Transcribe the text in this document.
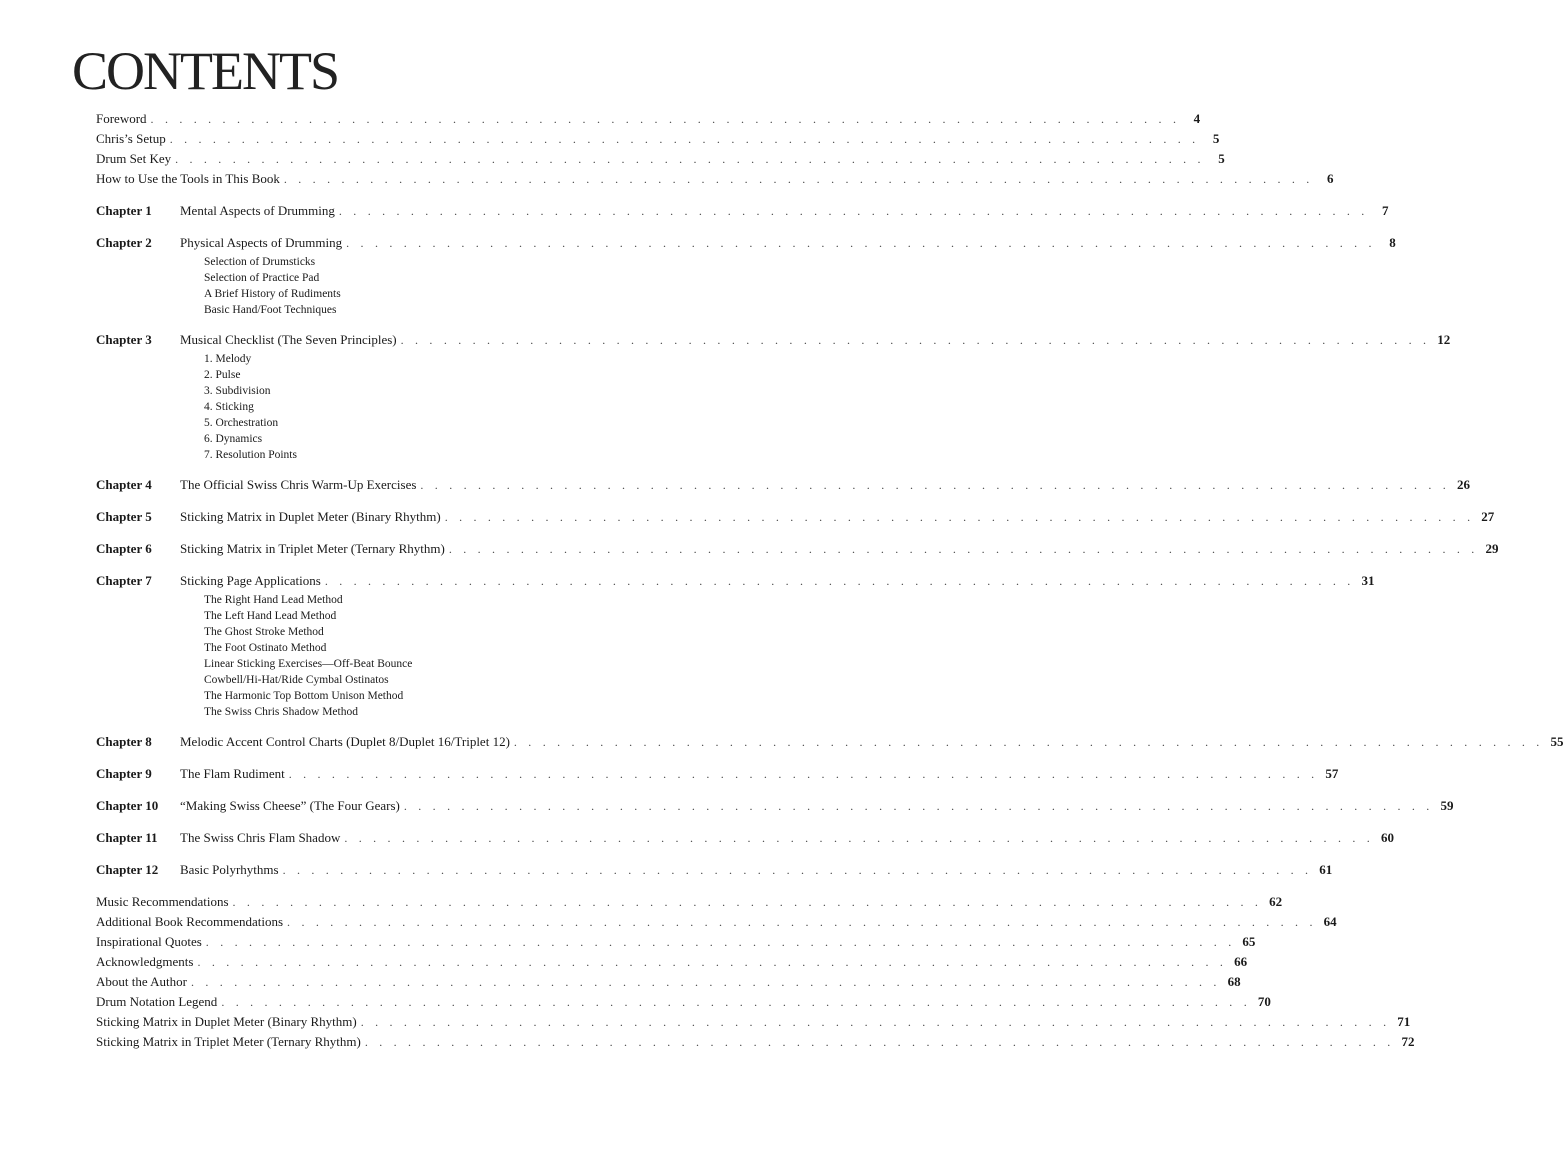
CONTENTS
Foreword . . . . . . . . . . . . . . . . . . . . . . . . . . . . . . . . . . . . . . . . . . . . . . . . . . . . . . . . . . . . . . . . . . . . . . . .	4
Chris’s Setup . . . . . . . . . . . . . . . . . . . . . . . . . . . . . . . . . . . . . . . . . . . . . . . . . . . . . . . . . . . . . . . . . . . . . . . .	5
Drum Set Key . . . . . . . . . . . . . . . . . . . . . . . . . . . . . . . . . . . . . . . . . . . . . . . . . . . . . . . . . . . . . . . . . . . . . . . .	5
How to Use the Tools in This Book . . . . . . . . . . . . . . . . . . . . . . . . . . . . . . . . . . . . . . . . . . . . . . . . . . . . . . . . . . . . . . . . . . . . . . . .	6
Chapter 1	Mental Aspects of Drumming . . . . . . . . . . . . . . . . . . . . . . . . . . . . . . . . . . . . . . . . . . . . . . . . . . . . . . . . . . . . . . . . . . . . . . . .	7
Chapter 2	Physical Aspects of Drumming . . . . . . . . . . . . . . . . . . . . . . . . . . . . . . . . . . . . . . . . . . . . . . . . . . . . . . . . . . . . . . . . . . . . . . . .	8
Selection of Drumsticks
Selection of Practice Pad
A Brief History of Rudiments
Basic Hand/Foot Techniques
Chapter 3	Musical Checklist (The Seven Principles) . . . . . . . . . . . . . . . . . . . . . . . . . . . . . . . . . . . . . . . . . . . . . . . . . . . . . . . . . . . . . . . . . . . . . . . . 12
1. Melody
2. Pulse
3. Subdivision
4. Sticking
5. Orchestration
6. Dynamics
7. Resolution Points
Chapter 4	The Official Swiss Chris Warm-Up Exercises . . . . . . . . . . . . . . . . . . . . . . . . . . . . . . . . . . . . . . . . . . . . . . . . . . . . . . . . . . . . . . . . . . . . . . . . 26
Chapter 5	Sticking Matrix in Duplet Meter (Binary Rhythm) . . . . . . . . . . . . . . . . . . . . . . . . . . . . . . . . . . . . . . . . . . . . . . . . . . . . . . . . . . . . . . . . . . . . . . . . 27
Chapter 6	Sticking Matrix in Triplet Meter (Ternary Rhythm) . . . . . . . . . . . . . . . . . . . . . . . . . . . . . . . . . . . . . . . . . . . . . . . . . . . . . . . . . . . . . . . . . . . . . . . . 29
Chapter 7	Sticking Page Applications . . . . . . . . . . . . . . . . . . . . . . . . . . . . . . . . . . . . . . . . . . . . . . . . . . . . . . . . . . . . . . . . . . . . . . . . 31
The Right Hand Lead Method
The Left Hand Lead Method
The Ghost Stroke Method
The Foot Ostinato Method
Linear Sticking Exercises—Off-Beat Bounce
Cowbell/Hi-Hat/Ride Cymbal Ostinatos
The Harmonic Top Bottom Unison Method
The Swiss Chris Shadow Method
Chapter 8	Melodic Accent Control Charts (Duplet 8/Duplet 16/Triplet 12) . . . . . . . . . . . . . . . . . . . . . . . . . . . . . . . . . . . . . . . . . . . . . . . . . . . . . . . . . . . . . . . . . . . . . . . . 55
Chapter 9	The Flam Rudiment . . . . . . . . . . . . . . . . . . . . . . . . . . . . . . . . . . . . . . . . . . . . . . . . . . . . . . . . . . . . . . . . . . . . . . . . 57
Chapter 10	“Making Swiss Cheese” (The Four Gears) . . . . . . . . . . . . . . . . . . . . . . . . . . . . . . . . . . . . . . . . . . . . . . . . . . . . . . . . . . . . . . . . . . . . . . . . 59
Chapter 11	The Swiss Chris Flam Shadow . . . . . . . . . . . . . . . . . . . . . . . . . . . . . . . . . . . . . . . . . . . . . . . . . . . . . . . . . . . . . . . . . . . . . . . . 60
Chapter 12	Basic Polyrhythms . . . . . . . . . . . . . . . . . . . . . . . . . . . . . . . . . . . . . . . . . . . . . . . . . . . . . . . . . . . . . . . . . . . . . . . . 61
Music Recommendations . . . . . . . . . . . . . . . . . . . . . . . . . . . . . . . . . . . . . . . . . . . . . . . . . . . . . . . . . . . . . . . . . . . . . . . . 62
Additional Book Recommendations . . . . . . . . . . . . . . . . . . . . . . . . . . . . . . . . . . . . . . . . . . . . . . . . . . . . . . . . . . . . . . . . . . . . . . . . 64
Inspirational Quotes . . . . . . . . . . . . . . . . . . . . . . . . . . . . . . . . . . . . . . . . . . . . . . . . . . . . . . . . . . . . . . . . . . . . . . . . 65
Acknowledgments . . . . . . . . . . . . . . . . . . . . . . . . . . . . . . . . . . . . . . . . . . . . . . . . . . . . . . . . . . . . . . . . . . . . . . . . 66
About the Author . . . . . . . . . . . . . . . . . . . . . . . . . . . . . . . . . . . . . . . . . . . . . . . . . . . . . . . . . . . . . . . . . . . . . . . . 68
Drum Notation Legend . . . . . . . . . . . . . . . . . . . . . . . . . . . . . . . . . . . . . . . . . . . . . . . . . . . . . . . . . . . . . . . . . . . . . . . . 70
Sticking Matrix in Duplet Meter (Binary Rhythm) . . . . . . . . . . . . . . . . . . . . . . . . . . . . . . . . . . . . . . . . . . . . . . . . . . . . . . . . . . . . . . . . . . . . . . . . 71
Sticking Matrix in Triplet Meter (Ternary Rhythm) . . . . . . . . . . . . . . . . . . . . . . . . . . . . . . . . . . . . . . . . . . . . . . . . . . . . . . . . . . . . . . . . . . . . . . . . 72
